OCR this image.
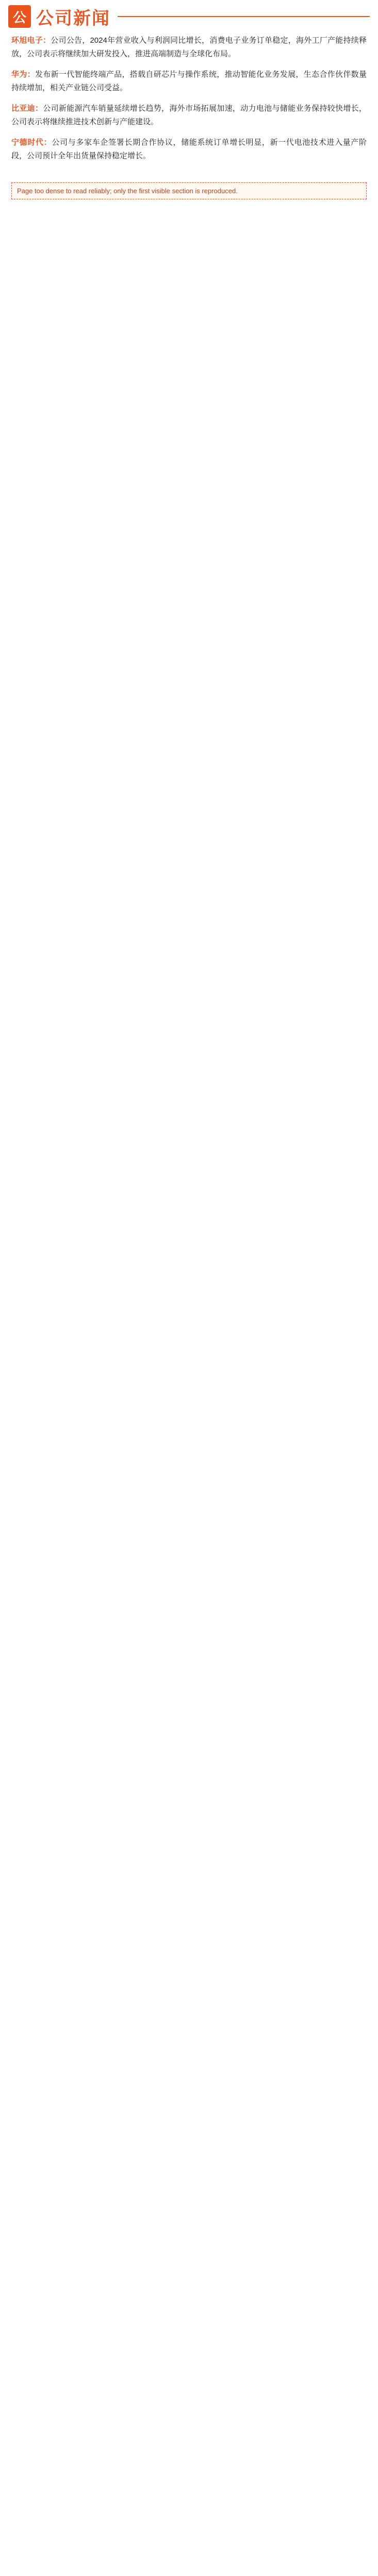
公 公司新闻

环旭电子：公司公告，2024年营业收入与利润同比增长，消费电子业务订单稳定，海外工厂产能持续释放，公司表示将继续加大研发投入，推进高端制造与全球化布局。

华为：发布新一代智能终端产品，搭载自研芯片与操作系统，推动智能化业务发展，生态合作伙伴数量持续增加，相关产业链公司受益。

比亚迪：公司新能源汽车销量延续增长趋势，海外市场拓展加速，动力电池与储能业务保持较快增长，公司表示将继续推进技术创新与产能建设。

宁德时代：公司与多家车企签署长期合作协议，储能系统订单增长明显，新一代电池技术进入量产阶段，公司预计全年出货量保持稳定增长。

Page too dense to read reliably; only the first visible section is reproduced.
